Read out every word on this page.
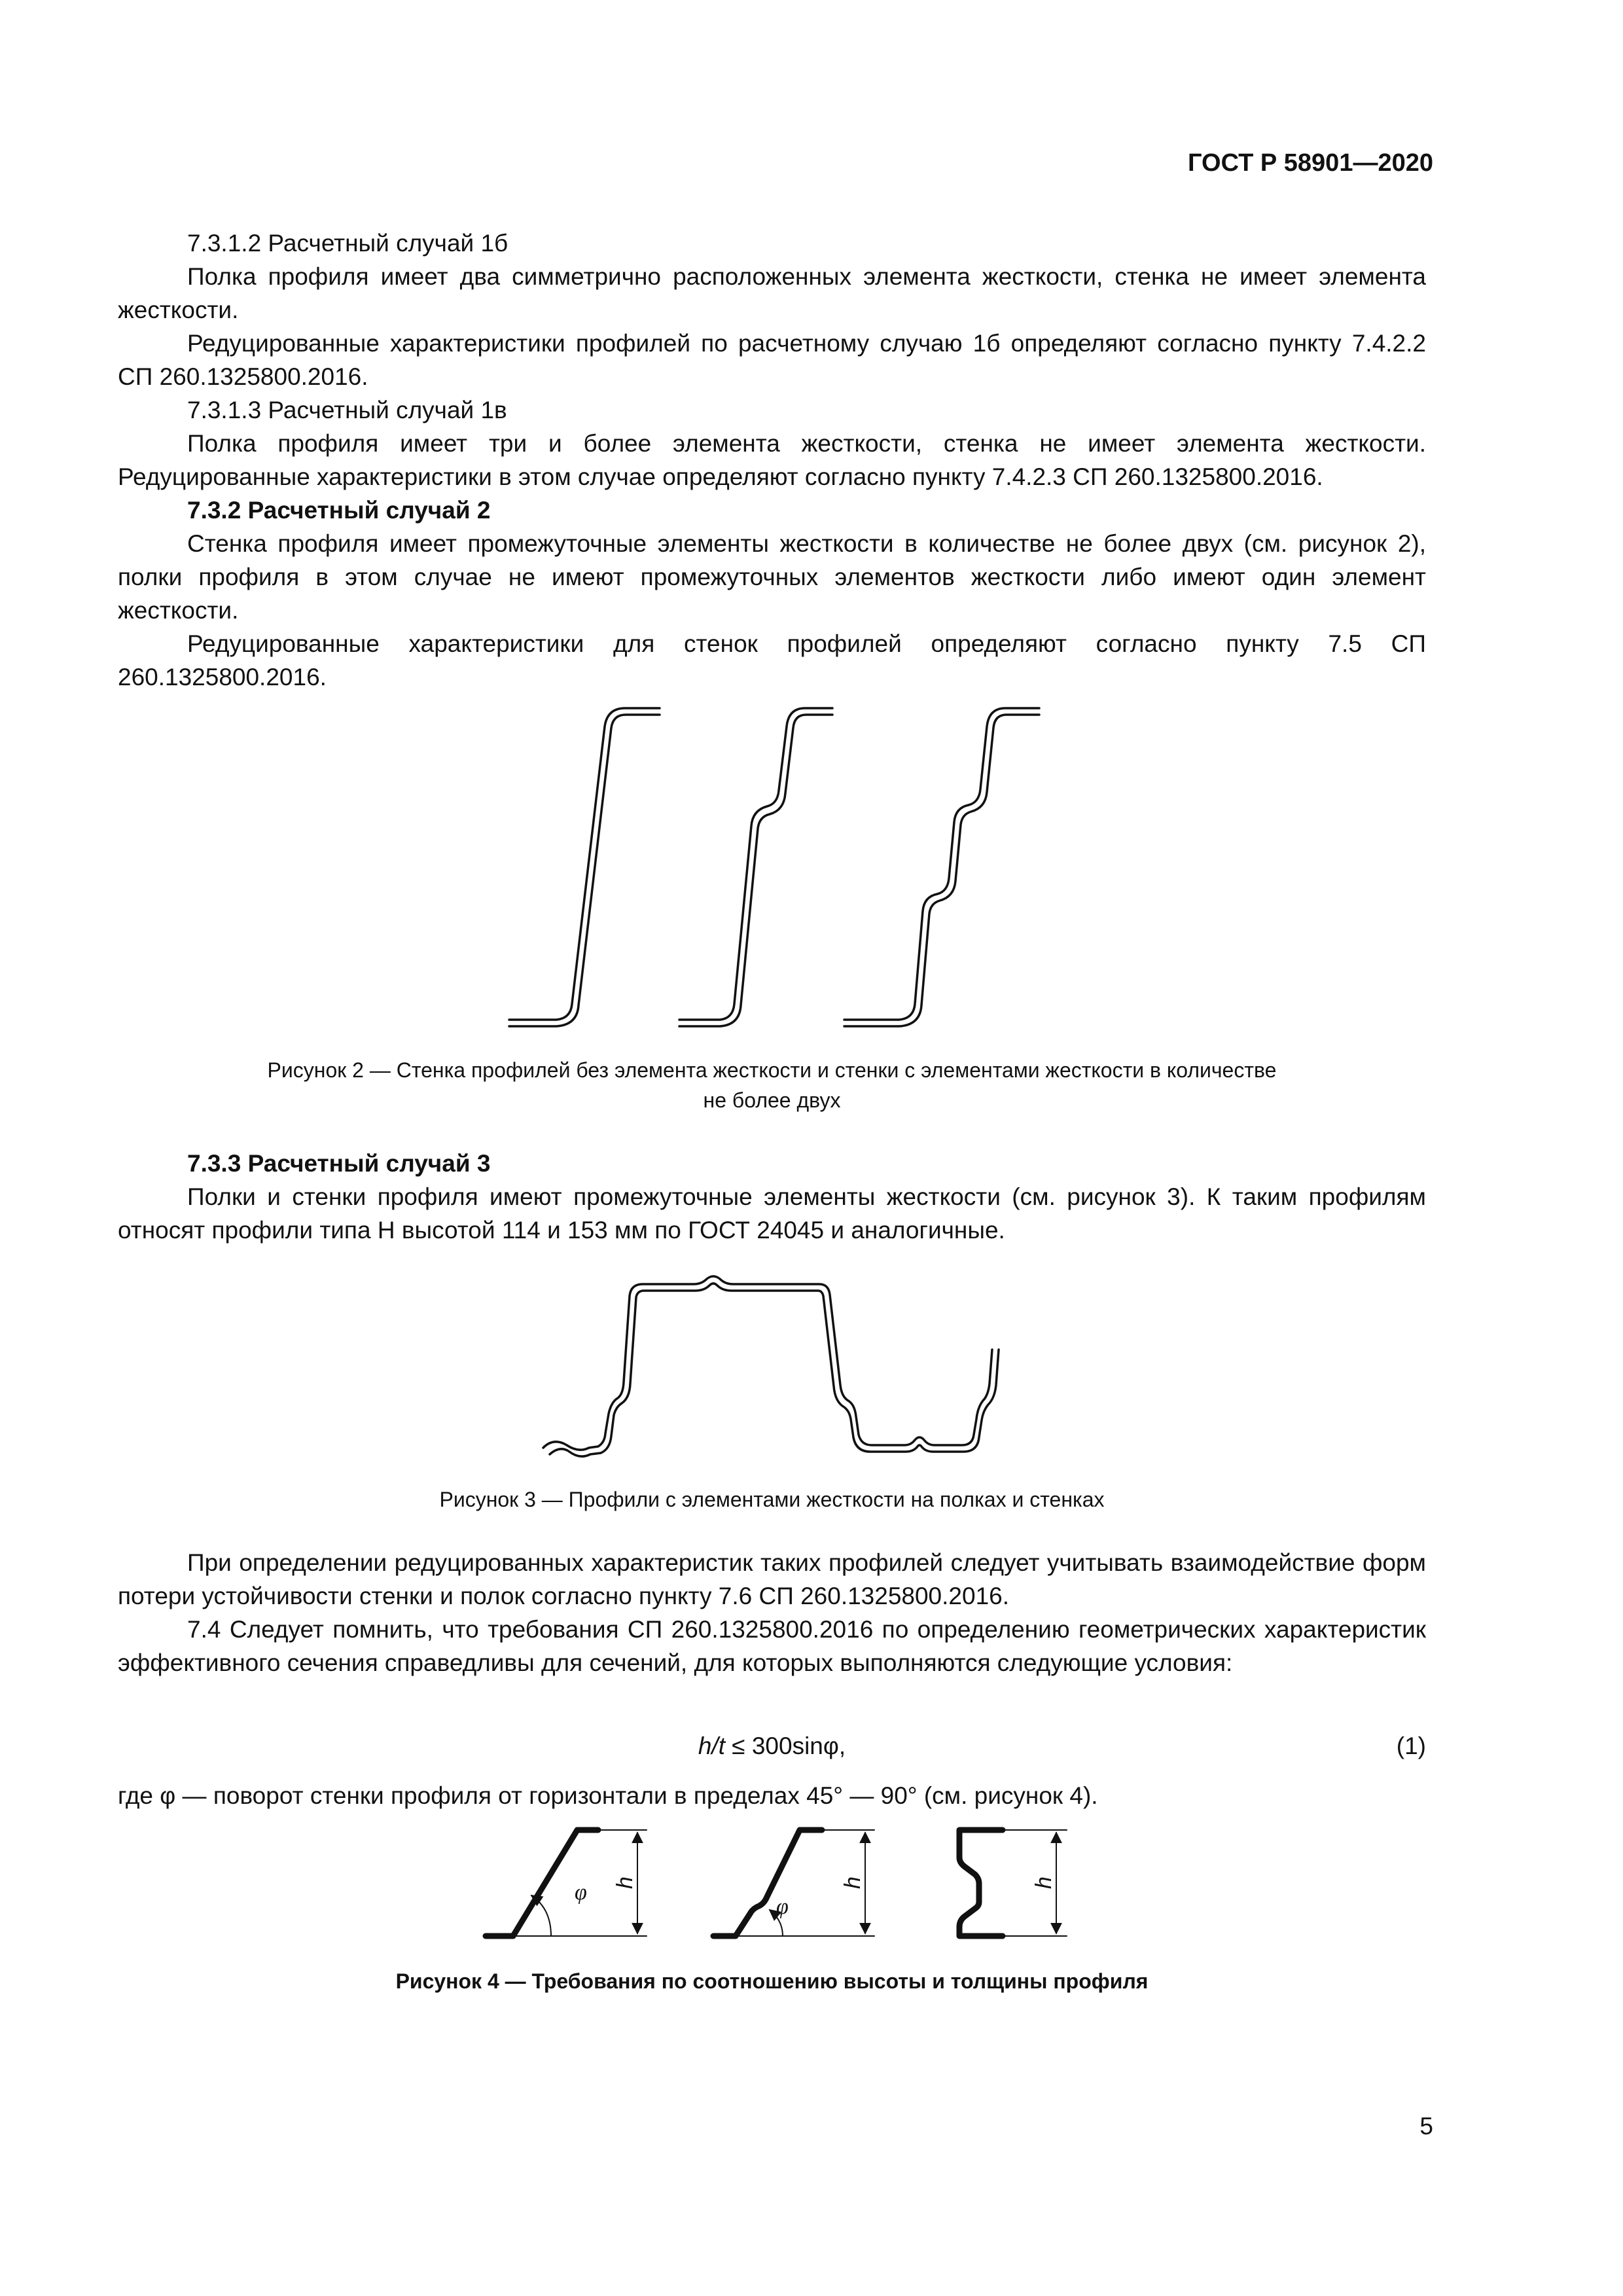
ГОСТ Р 58901—2020

7.3.1.2 Расчетный случай 1б

Полка профиля имеет два симметрично расположенных элемента жесткости, стенка не имеет элемента жесткости.

Редуцированные характеристики профилей по расчетному случаю 1б определяют согласно пункту 7.4.2.2 СП 260.1325800.2016.

7.3.1.3 Расчетный случай 1в

Полка профиля имеет три и более элемента жесткости, стенка не имеет элемента жесткости. Редуцированные характеристики в этом случае определяют согласно пункту 7.4.2.3 СП 260.1325800.2016.

7.3.2 Расчетный случай 2

Стенка профиля имеет промежуточные элементы жесткости в количестве не более двух (см. рисунок 2), полки профиля в этом случае не имеют промежуточных элементов жесткости либо имеют один элемент жесткости.

Редуцированные характеристики для стенок профилей определяют согласно пункту 7.5 СП 260.1325800.2016.

Рисунок 2 — Стенка профилей без элемента жесткости и стенки с элементами жесткости в количестве
не более двух

7.3.3 Расчетный случай 3

Полки и стенки профиля имеют промежуточные элементы жесткости (см. рисунок 3). К таким профилям относят профили типа Н высотой 114 и 153 мм по ГОСТ 24045 и аналогичные.

Рисунок 3 — Профили с элементами жесткости на полках и стенках

При определении редуцированных характеристик таких профилей следует учитывать взаимодействие форм потери устойчивости стенки и полок согласно пункту 7.6 СП 260.1325800.2016.

7.4 Следует помнить, что требования СП 260.1325800.2016 по определению геометрических характеристик эффективного сечения справедливы для сечений, для которых выполняются следующие условия:

h/t ≤ 300sinφ,	(1)

где φ — поворот стенки профиля от горизонтали в пределах 45° — 90° (см. рисунок 4).

φ h
φ
h	h
Рисунок 4 — Требования по соотношению высоты и толщины профиля
5
